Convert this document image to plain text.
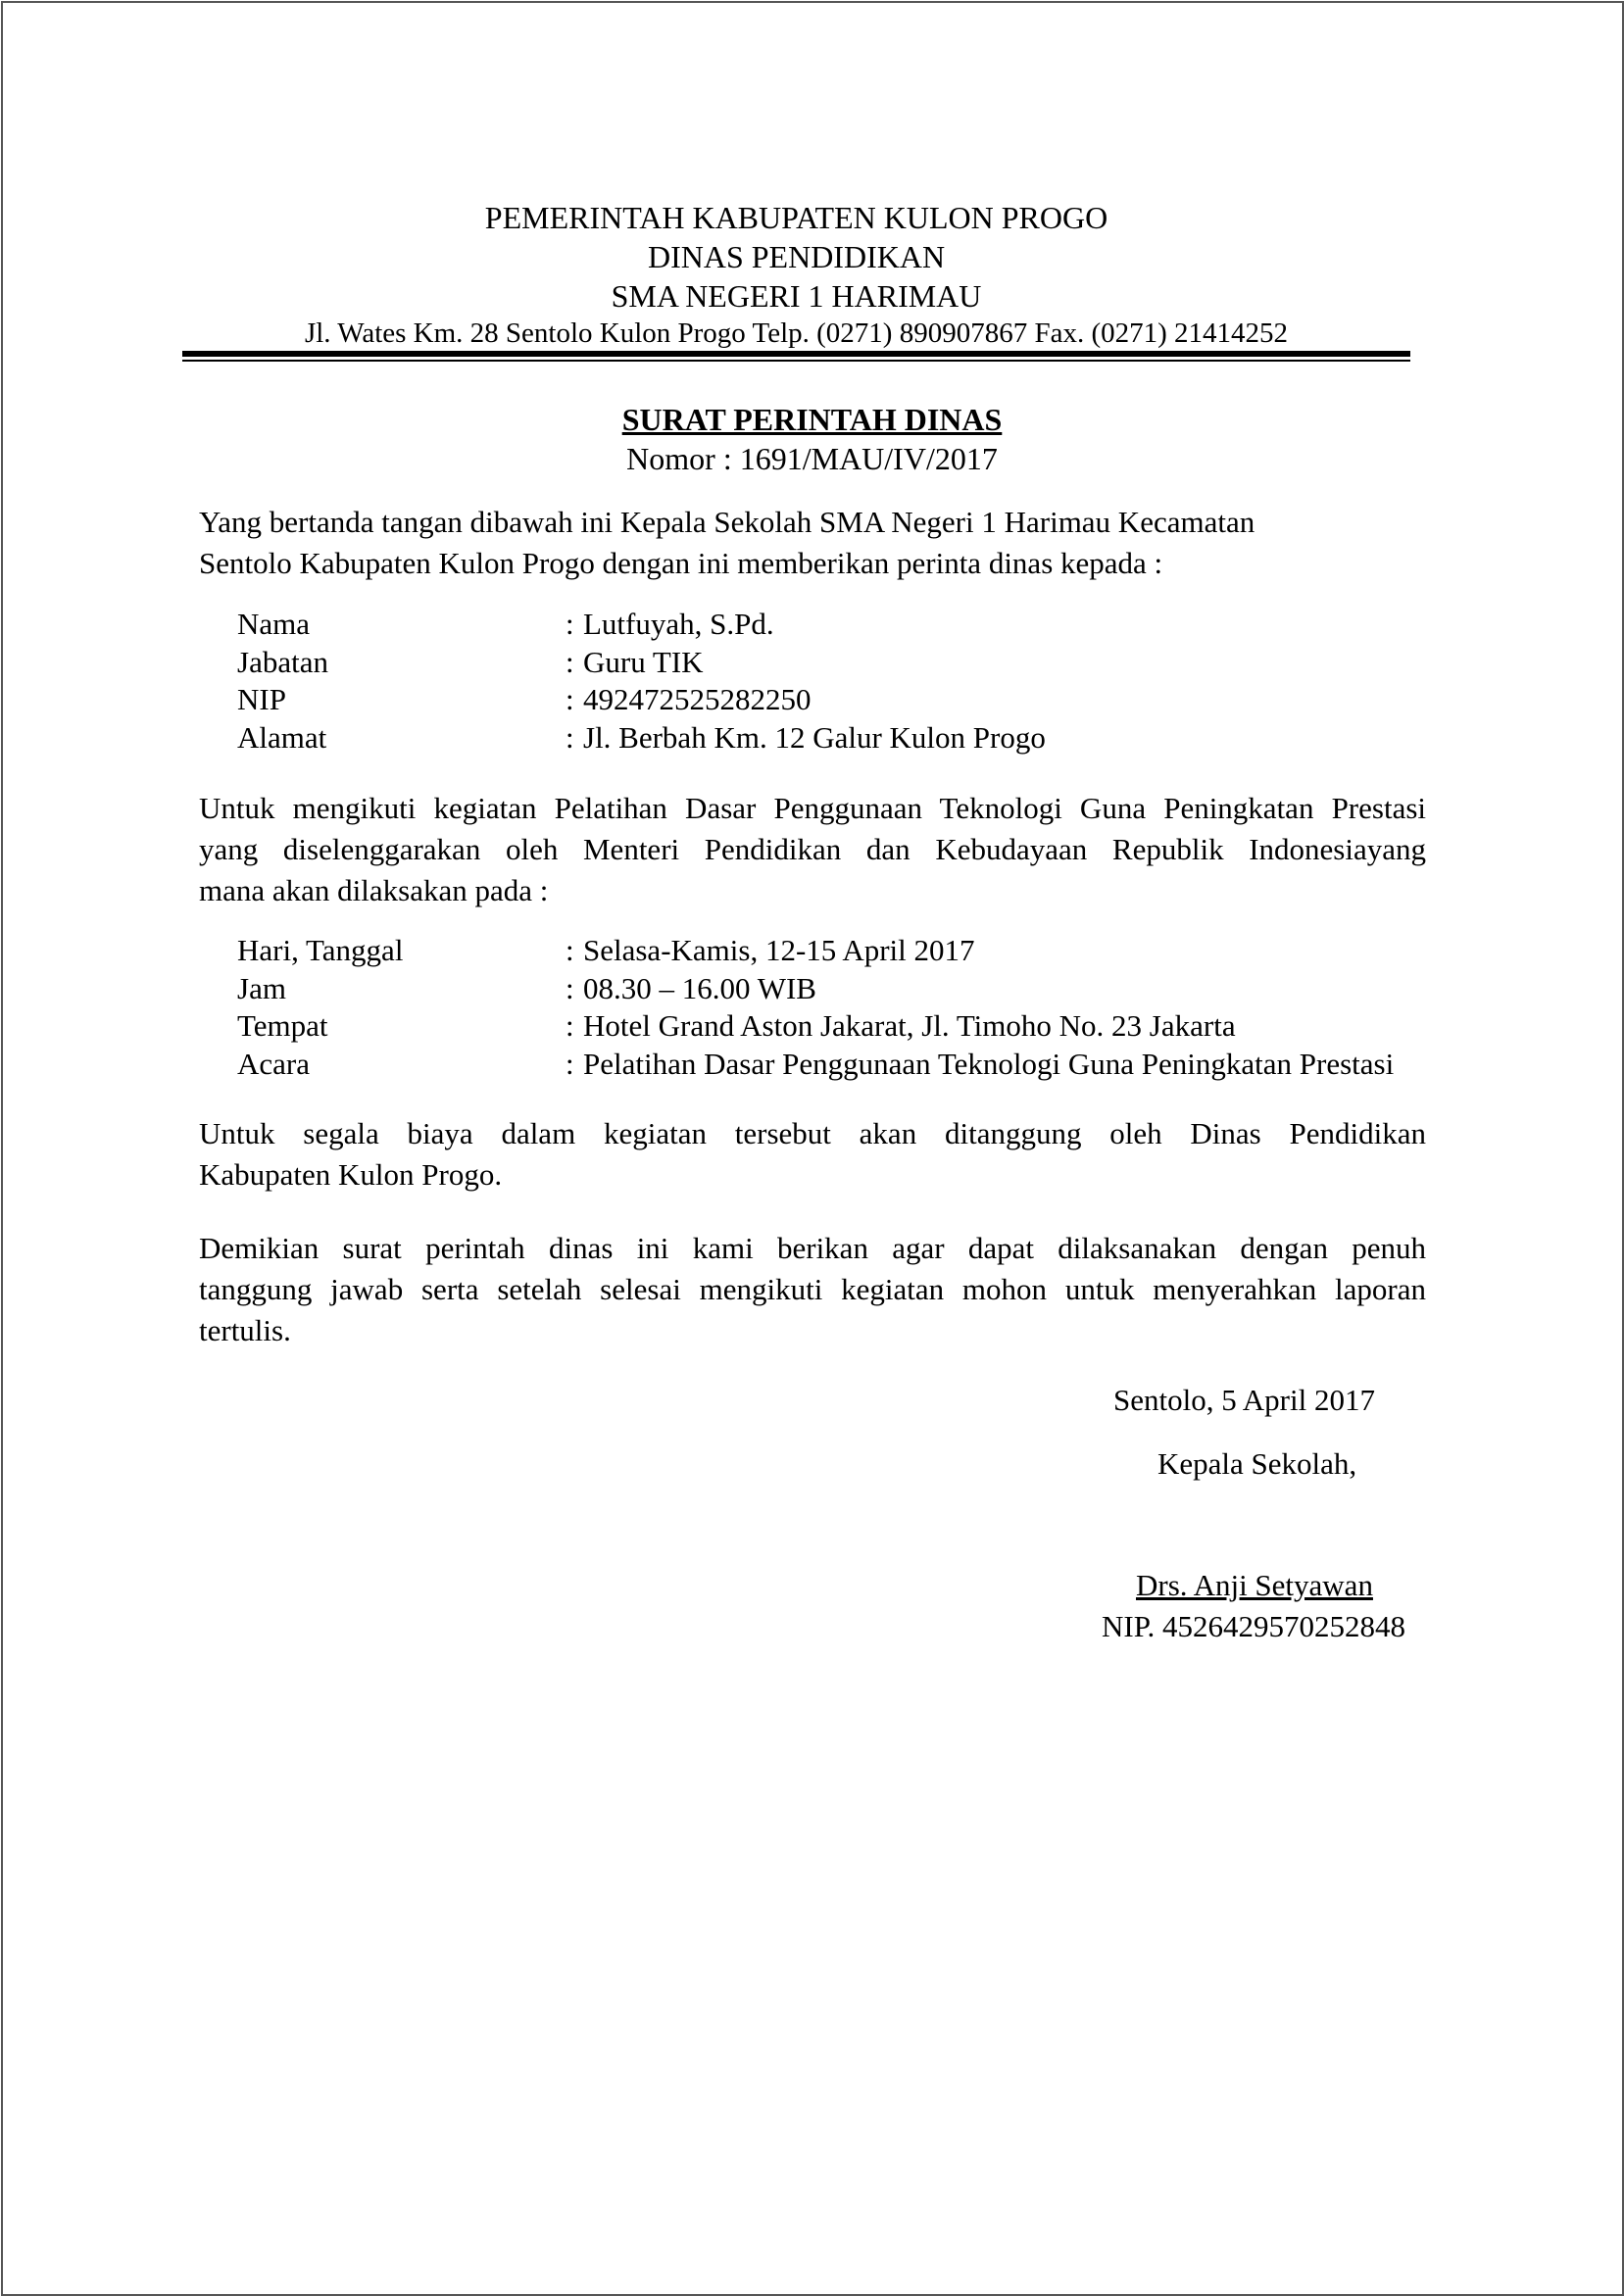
PEMERINTAH KABUPATEN KULON PROGO
DINAS PENDIDIKAN
SMA NEGERI 1 HARIMAU
Jl. Wates Km. 28 Sentolo Kulon Progo Telp. (0271) 890907867 Fax. (0271) 21414252
SURAT PERINTAH DINAS
Nomor : 1691/MAU/IV/2017
Yang bertanda tangan dibawah ini Kepala Sekolah SMA Negeri 1 Harimau Kecamatan
Sentolo Kabupaten Kulon Progo dengan ini memberikan perinta dinas kepada :
Nama	: Lutfuyah, S.Pd.
Jabatan	: Guru TIK
NIP	: 492472525282250
Alamat	: Jl. Berbah Km. 12 Galur Kulon Progo
Untuk mengikuti kegiatan Pelatihan Dasar Penggunaan Teknologi Guna Peningkatan Prestasi
yang diselenggarakan oleh Menteri Pendidikan dan Kebudayaan Republik Indonesiayang
mana akan dilaksakan pada :
Hari, Tanggal	: Selasa-Kamis, 12-15 April 2017
Jam	: 08.30 – 16.00 WIB
Tempat	: Hotel Grand Aston Jakarat, Jl. Timoho No. 23 Jakarta
Acara	: Pelatihan Dasar Penggunaan Teknologi Guna Peningkatan Prestasi
Untuk segala biaya dalam kegiatan tersebut akan ditanggung oleh Dinas Pendidikan
Kabupaten Kulon Progo.
Demikian surat perintah dinas ini kami berikan agar dapat dilaksanakan dengan penuh
tanggung jawab serta setelah selesai mengikuti kegiatan mohon untuk menyerahkan laporan
tertulis.
Sentolo, 5 April 2017
Kepala Sekolah,
Drs. Anji Setyawan
NIP. 4526429570252848
